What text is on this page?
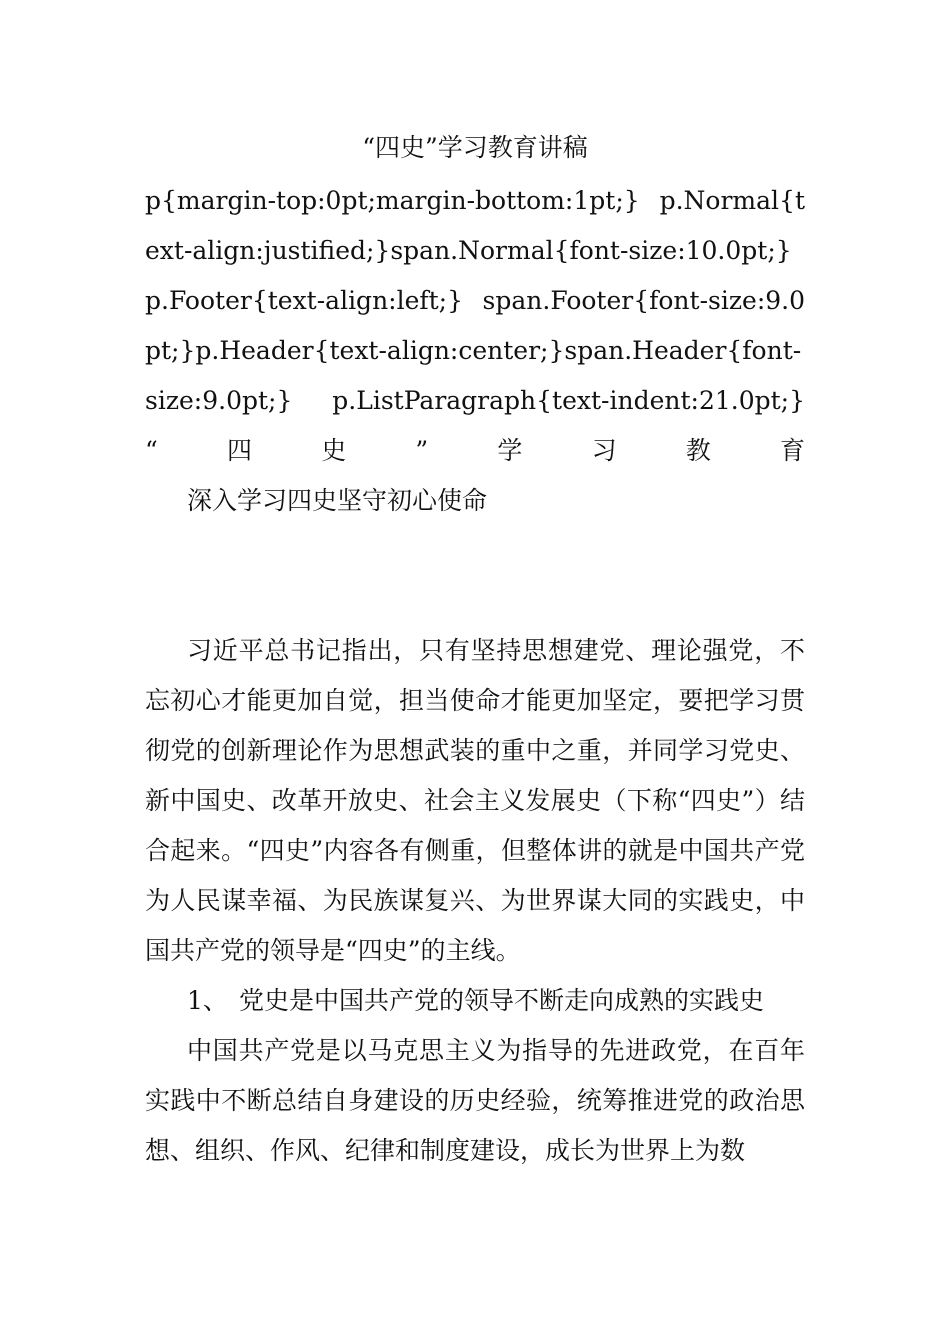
“四史”学习教育讲稿

p{margin-top:0pt;margin-bottom:1pt;} p.Normal{text-align:justified;}span.Normal{font-size:10.0pt;}p.Footer{text-align:left;} span.Footer{font-size:9.0pt;}p.Header{text-align:center;}span.Header{font-size:9.0pt;} p.ListParagraph{text-indent:21.0pt;} “四史”学习教育

深入学习四史坚守初心使命

习近平总书记指出，只有坚持思想建党、理论强党，不忘初心才能更加自觉，担当使命才能更加坚定，要把学习贯彻党的创新理论作为思想武装的重中之重，并同学习党史、新中国史、改革开放史、社会主义发展史（下称“四史”）结合起来。“四史”内容各有侧重，但整体讲的就是中国共产党为人民谋幸福、为民族谋复兴、为世界谋大同的实践史，中国共产党的领导是“四史”的主线。

1、 党史是中国共产党的领导不断走向成熟的实践史

中国共产党是以马克思主义为指导的先进政党，在百年实践中不断总结自身建设的历史经验，统筹推进党的政治思想、组织、作风、纪律和制度建设，成长为世界上为数
